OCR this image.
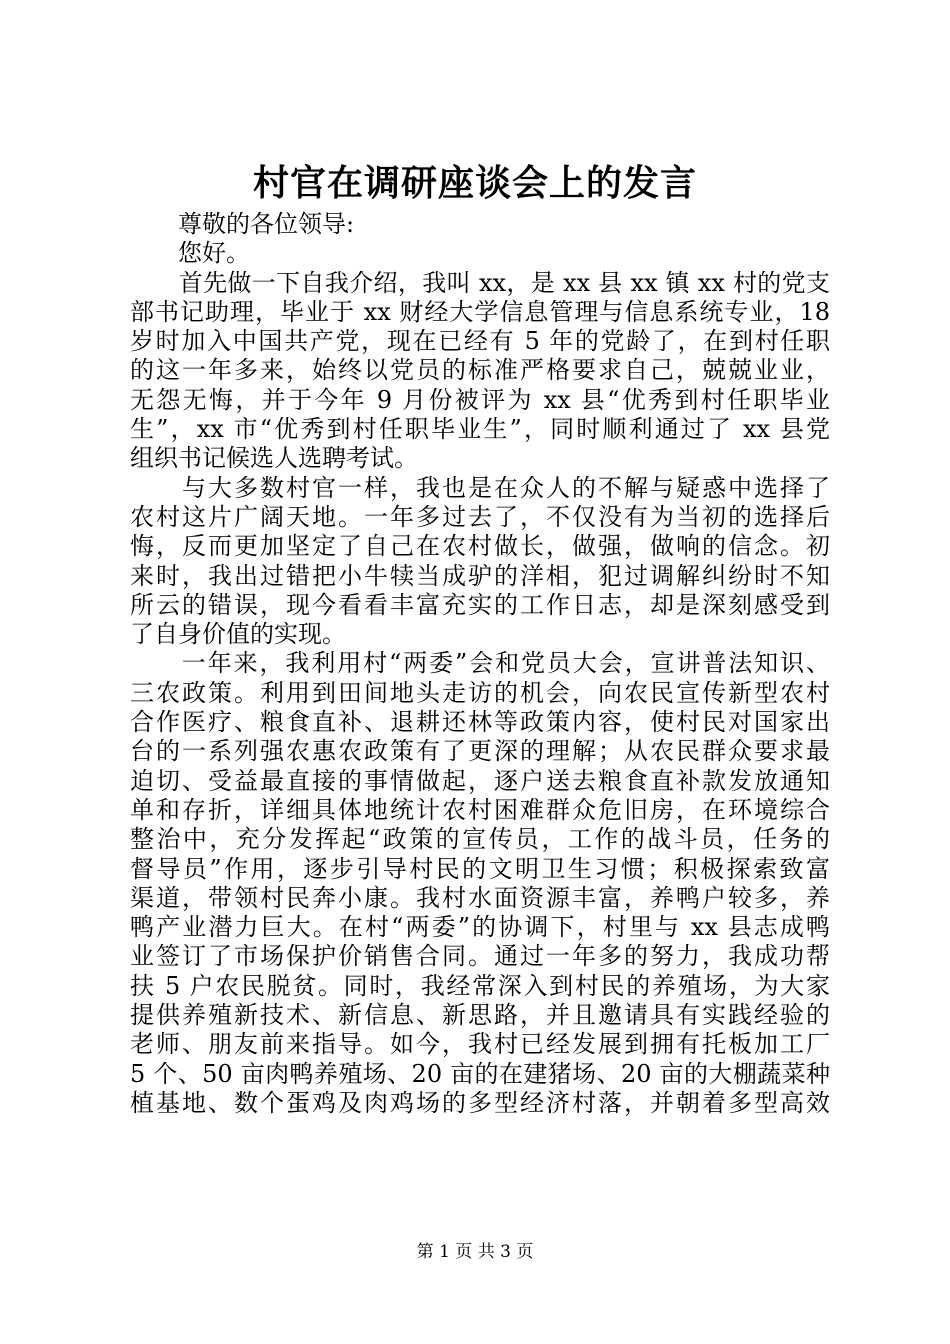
村官在调研座谈会上的发言
　　尊敬的各位领导:
　　您好。
　　首先做一下自我介绍，我叫 xx，是 xx 县 xx 镇 xx 村的党支
部书记助理，毕业于 xx 财经大学信息管理与信息系统专业，18
岁时加入中国共产党，现在已经有 5 年的党龄了，在到村任职
的这一年多来，始终以党员的标准严格要求自己，兢兢业业，
无怨无悔，并于今年 9 月份被评为 xx 县“优秀到村任职毕业
生”，xx 市“优秀到村任职毕业生”，同时顺利通过了 xx 县党
组织书记候选人选聘考试。
　　与大多数村官一样，我也是在众人的不解与疑惑中选择了
农村这片广阔天地。一年多过去了，不仅没有为当初的选择后
悔，反而更加坚定了自己在农村做长，做强，做响的信念。初
来时，我出过错把小牛犊当成驴的洋相，犯过调解纠纷时不知
所云的错误，现今看看丰富充实的工作日志，却是深刻感受到
了自身价值的实现。
　　一年来，我利用村“两委”会和党员大会，宣讲普法知识、
三农政策。利用到田间地头走访的机会，向农民宣传新型农村
合作医疗、粮食直补、退耕还林等政策内容，使村民对国家出
台的一系列强农惠农政策有了更深的理解；从农民群众要求最
迫切、受益最直接的事情做起，逐户送去粮食直补款发放通知
单和存折，详细具体地统计农村困难群众危旧房，在环境综合
整治中，充分发挥起“政策的宣传员，工作的战斗员，任务的
督导员”作用，逐步引导村民的文明卫生习惯；积极探索致富
渠道，带领村民奔小康。我村水面资源丰富，养鸭户较多，养
鸭产业潜力巨大。在村“两委”的协调下，村里与 xx 县志成鸭
业签订了市场保护价销售合同。通过一年多的努力，我成功帮
扶 5 户农民脱贫。同时，我经常深入到村民的养殖场，为大家
提供养殖新技术、新信息、新思路，并且邀请具有实践经验的
老师、朋友前来指导。如今，我村已经发展到拥有托板加工厂
5 个、50 亩肉鸭养殖场、20 亩的在建猪场、20 亩的大棚蔬菜种
植基地、数个蛋鸡及肉鸡场的多型经济村落，并朝着多型高效
第 1 页 共 3 页
